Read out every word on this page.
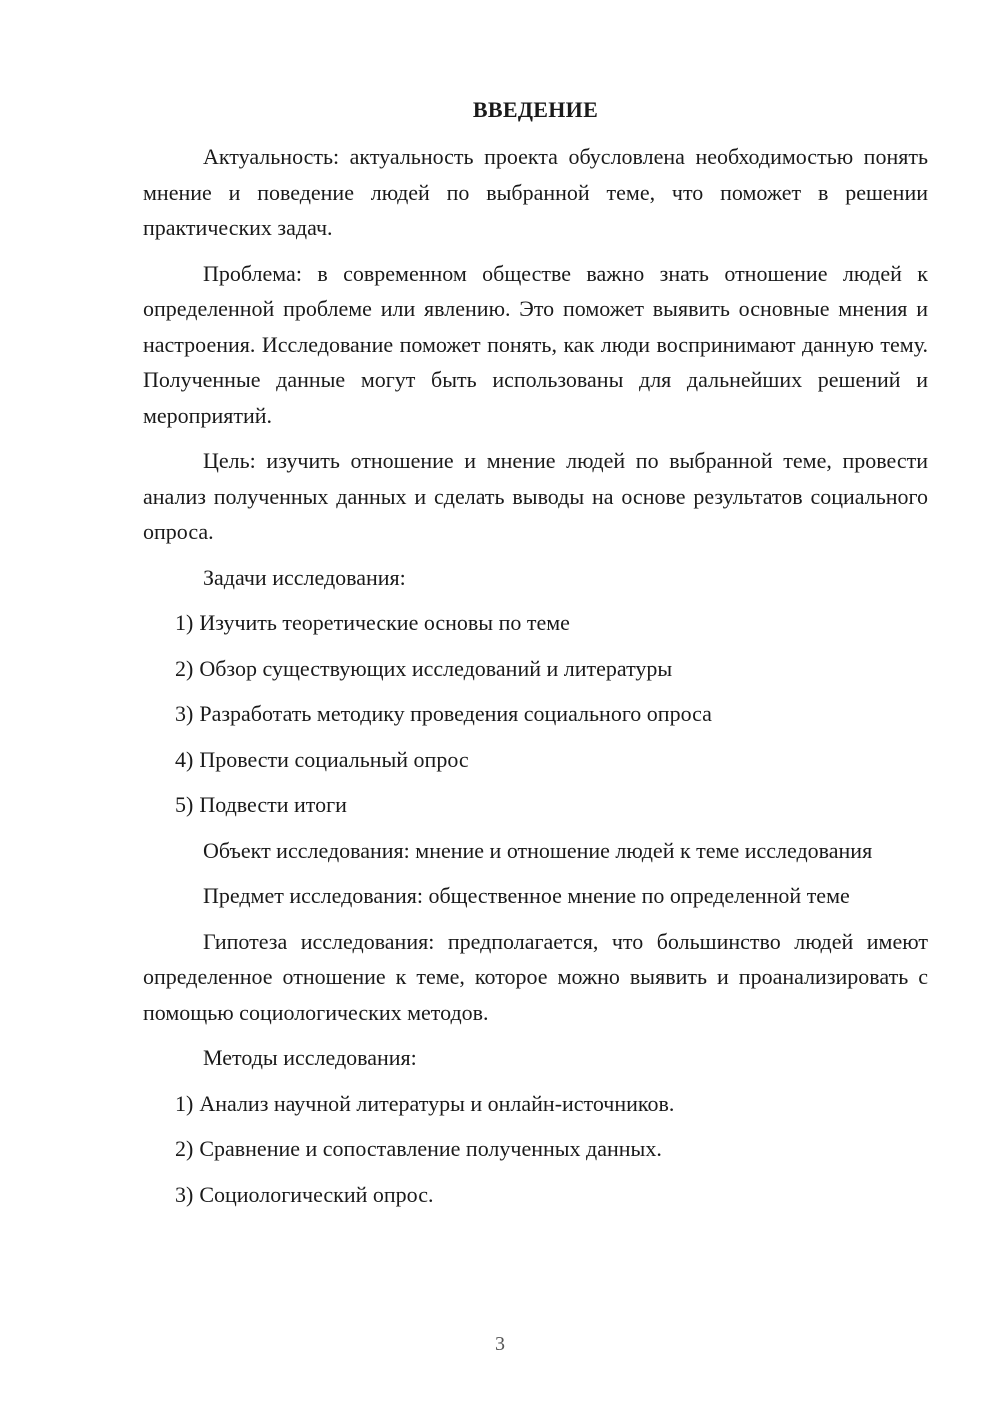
ВВЕДЕНИЕ

Актуальность: актуальность проекта обусловлена необходимостью понять мнение и поведение людей по выбранной теме, что поможет в решении практических задач.

Проблема: в современном обществе важно знать отношение людей к определенной проблеме или явлению. Это поможет выявить основные мнения и настроения. Исследование поможет понять, как люди воспринимают данную тему. Полученные данные могут быть использованы для дальнейших решений и мероприятий.

Цель: изучить отношение и мнение людей по выбранной теме, провести анализ полученных данных и сделать выводы на основе результатов социального опроса.

Задачи исследования:

1) Изучить теоретические основы по теме
2) Обзор существующих исследований и литературы
3) Разработать методику проведения социального опроса
4) Провести социальный опрос
5) Подвести итоги

Объект исследования: мнение и отношение людей к теме исследования

Предмет исследования: общественное мнение по определенной теме

Гипотеза исследования: предполагается, что большинство людей имеют определенное отношение к теме, которое можно выявить и проанализировать с помощью социологических методов.

Методы исследования:

1) Анализ научной литературы и онлайн-источников.
2) Сравнение и сопоставление полученных данных.
3) Социологический опрос.
3
